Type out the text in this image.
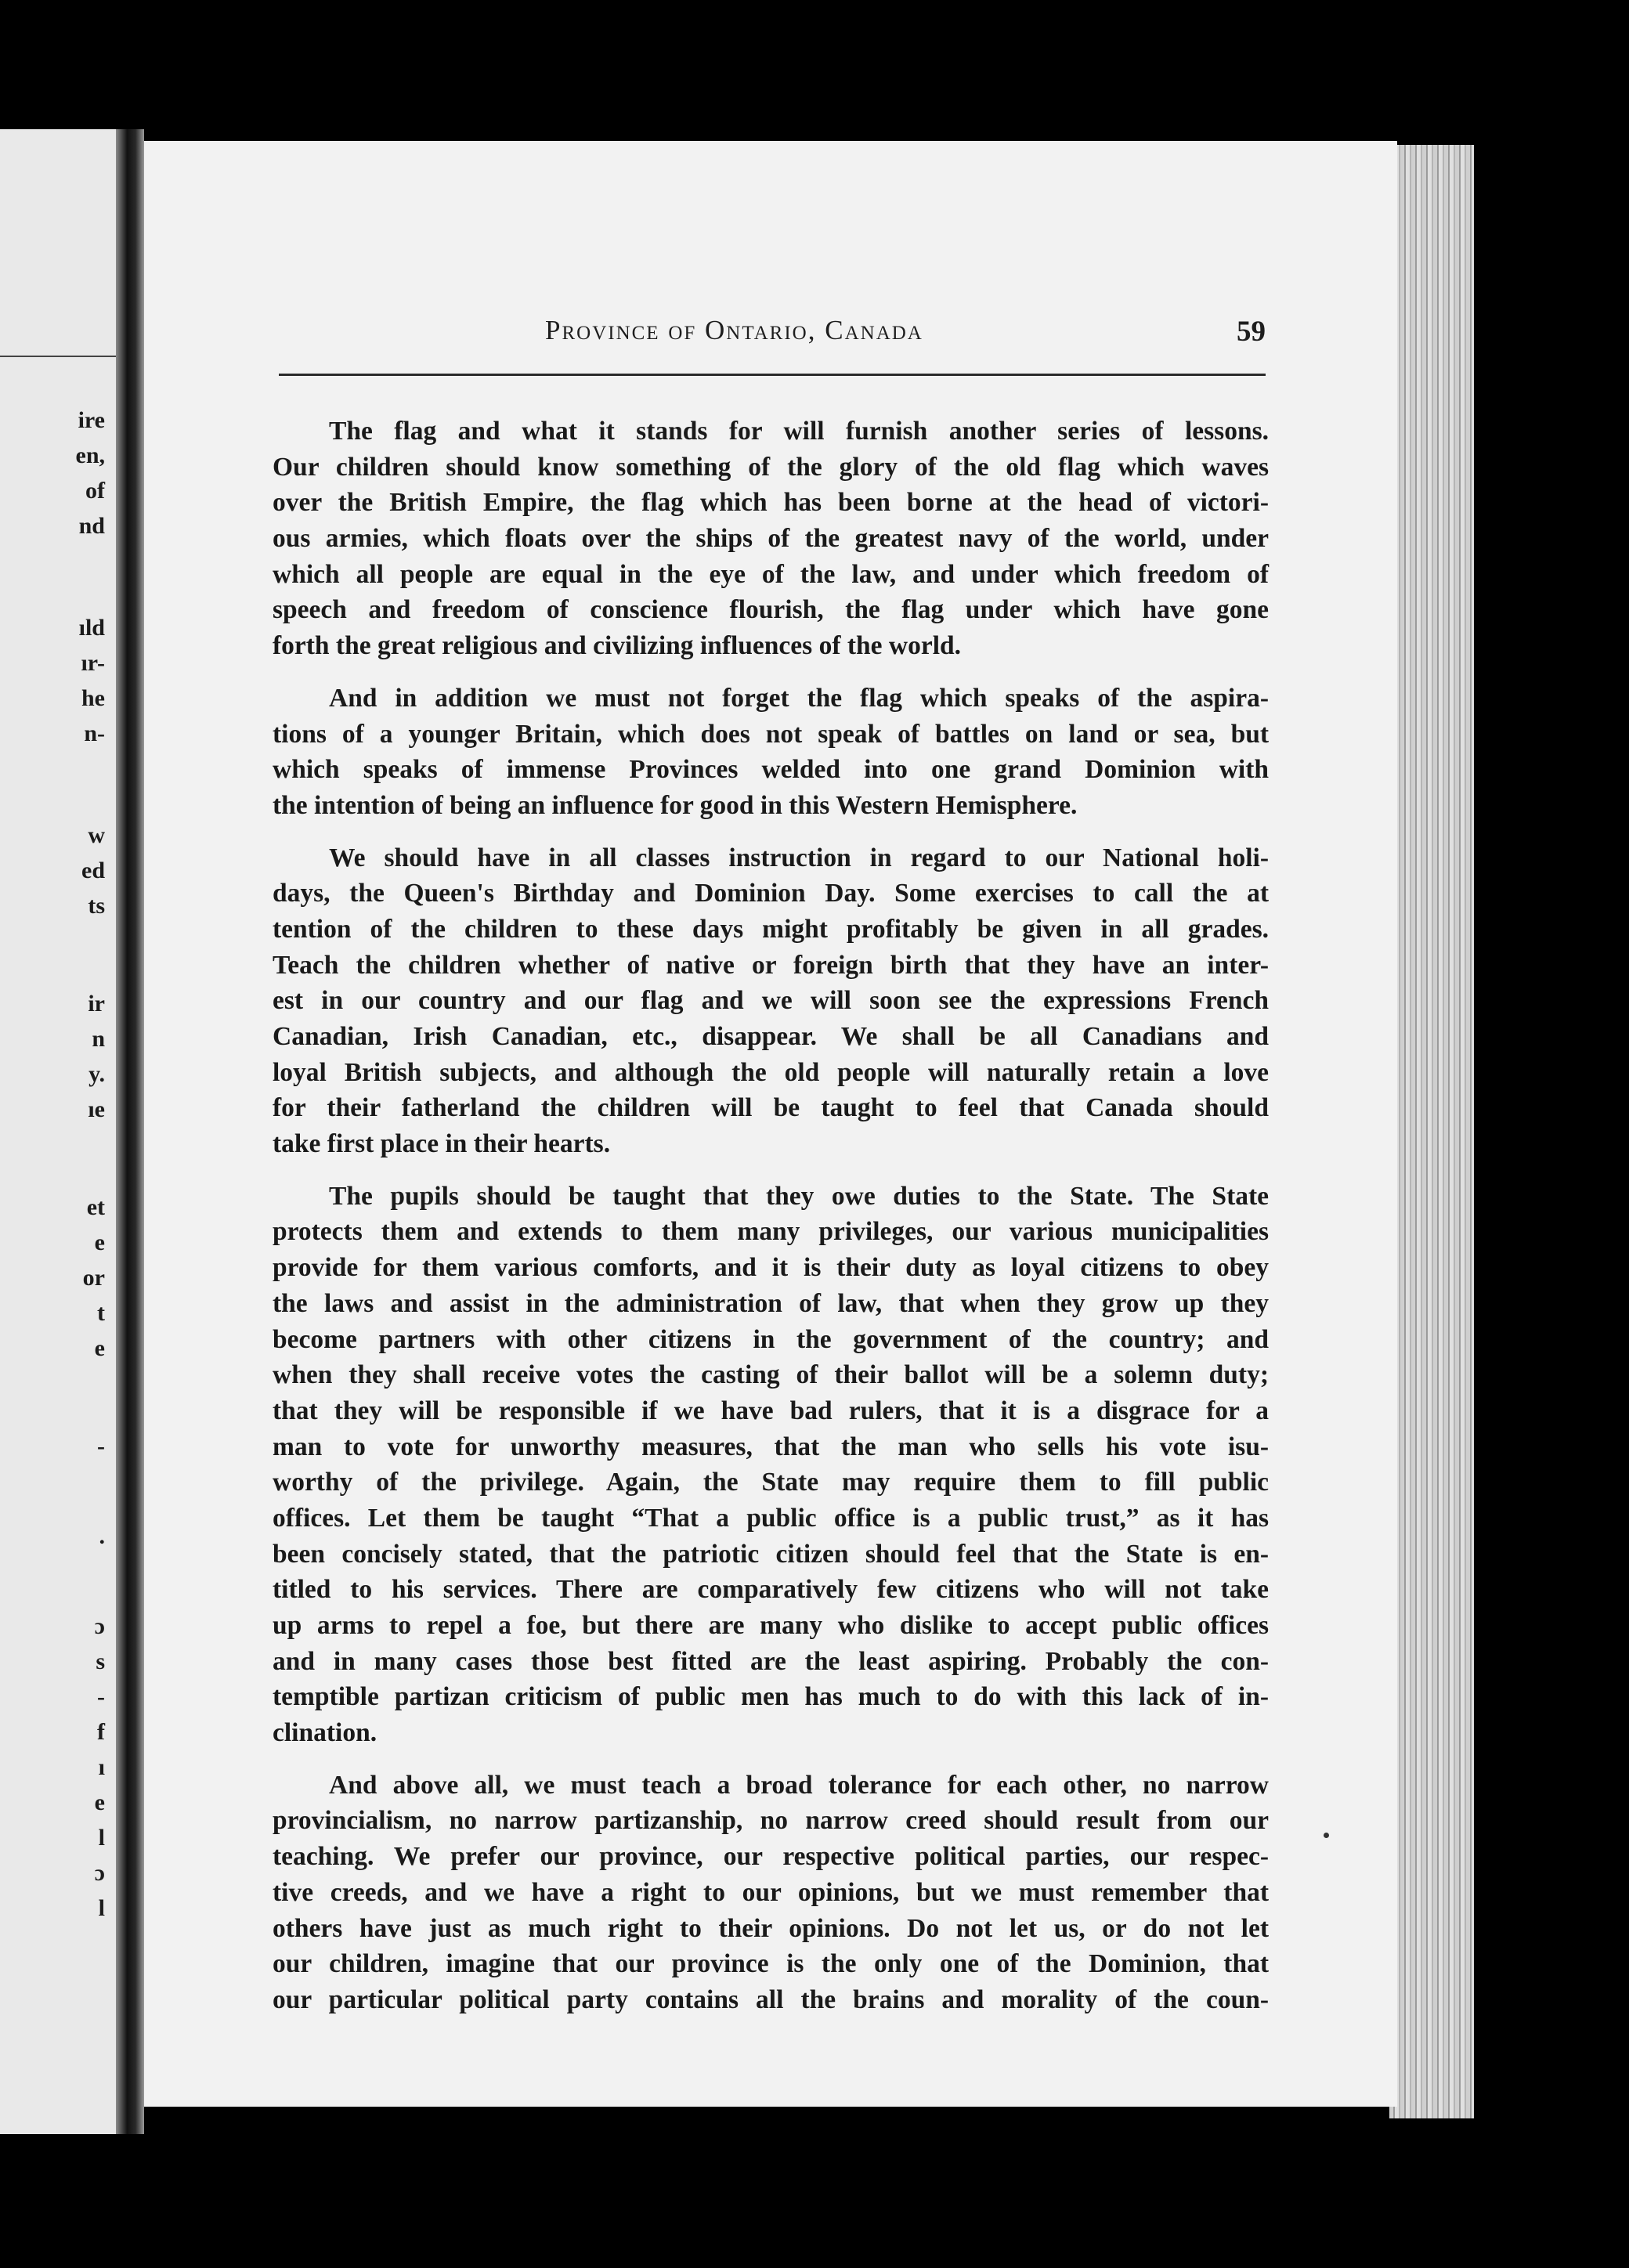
ire
en,
of
nd
ıld
ır-
he
n-
w
ed
ts
ir
n
y.
ıe
et
e
or
t
e
-
.
ɔ
s
-
f
ı
e
l
ɔ
l
Province of Ontario, Canada	59
The flag and what it stands for will furnish another series of lessons.
Our children should know something of the glory of the old flag which waves
over the British Empire, the flag which has been borne at the head of victori-
ous armies, which floats over the ships of the greatest navy of the world, under
which all people are equal in the eye of the law, and under which freedom of
speech and freedom of conscience flourish, the flag under which have gone
forth the great religious and civilizing influences of the world.
And in addition we must not forget the flag which speaks of the aspira-
tions of a younger Britain, which does not speak of battles on land or sea, but
which speaks of immense Provinces welded into one grand Dominion with
the intention of being an influence for good in this Western Hemisphere.
We should have in all classes instruction in regard to our National holi-
days, the Queen's Birthday and Dominion Day. Some exercises to call the at
tention of the children to these days might profitably be given in all grades.
Teach the children whether of native or foreign birth that they have an inter-
est in our country and our flag and we will soon see the expressions French
Canadian, Irish Canadian, etc., disappear. We shall be all Canadians and
loyal British subjects, and although the old people will naturally retain a love
for their fatherland the children will be taught to feel that Canada should
take first place in their hearts.
The pupils should be taught that they owe duties to the State. The State
protects them and extends to them many privileges, our various municipalities
provide for them various comforts, and it is their duty as loyal citizens to obey
the laws and assist in the administration of law, that when they grow up they
become partners with other citizens in the government of the country; and
when they shall receive votes the casting of their ballot will be a solemn duty;
that they will be responsible if we have bad rulers, that it is a disgrace for a
man to vote for unworthy measures, that the man who sells his vote isu-
worthy of the privilege. Again, the State may require them to fill public
offices. Let them be taught “That a public office is a public trust,” as it has
been concisely stated, that the patriotic citizen should feel that the State is en-
titled to his services. There are comparatively few citizens who will not take
up arms to repel a foe, but there are many who dislike to accept public offices
and in many cases those best fitted are the least aspiring. Probably the con-
temptible partizan criticism of public men has much to do with this lack of in-
clination.
And above all, we must teach a broad tolerance for each other, no narrow
provincialism, no narrow partizanship, no narrow creed should result from our
teaching. We prefer our province, our respective political parties, our respec-
tive creeds, and we have a right to our opinions, but we must remember that
others have just as much right to their opinions. Do not let us, or do not let
our children, imagine that our province is the only one of the Dominion, that
our particular political party contains all the brains and morality of the coun-
